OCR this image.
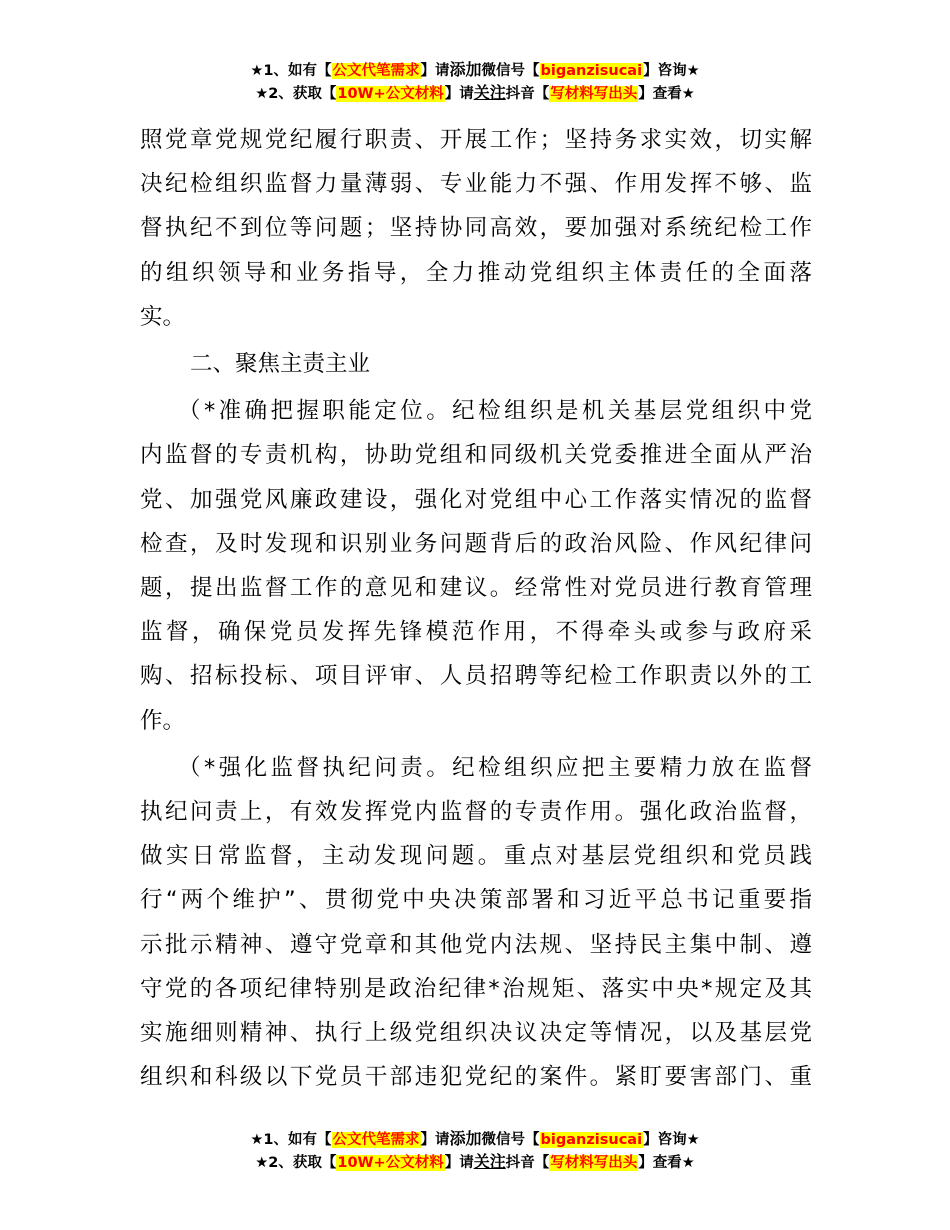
★1、如有【公文代笔需求】请添加微信号【biganzisucai】咨询★
★2、获取【10W+公文材料】请关注抖音【写材料写出头】查看★

照党章党规党纪履行职责、开展工作；坚持务求实效，切实解
决纪检组织监督力量薄弱、专业能力不强、作用发挥不够、监
督执纪不到位等问题；坚持协同高效，要加强对系统纪检工作
的组织领导和业务指导，全力推动党组织主体责任的全面落
实。

二、聚焦主责主业

（*准确把握职能定位。纪检组织是机关基层党组织中党
内监督的专责机构，协助党组和同级机关党委推进全面从严治
党、加强党风廉政建设，强化对党组中心工作落实情况的监督
检查，及时发现和识别业务问题背后的政治风险、作风纪律问
题，提出监督工作的意见和建议。经常性对党员进行教育管理
监督，确保党员发挥先锋模范作用，不得牵头或参与政府采
购、招标投标、项目评审、人员招聘等纪检工作职责以外的工
作。

（*强化监督执纪问责。纪检组织应把主要精力放在监督
执纪问责上，有效发挥党内监督的专责作用。强化政治监督，
做实日常监督，主动发现问题。重点对基层党组织和党员践
行“两个维护”、贯彻党中央决策部署和习近平总书记重要指
示批示精神、遵守党章和其他党内法规、坚持民主集中制、遵
守党的各项纪律特别是政治纪律*治规矩、落实中央*规定及其
实施细则精神、执行上级党组织决议决定等情况，以及基层党
组织和科级以下党员干部违犯党纪的案件。紧盯要害部门、重

★1、如有【公文代笔需求】请添加微信号【biganzisucai】咨询★
★2、获取【10W+公文材料】请关注抖音【写材料写出头】查看★
